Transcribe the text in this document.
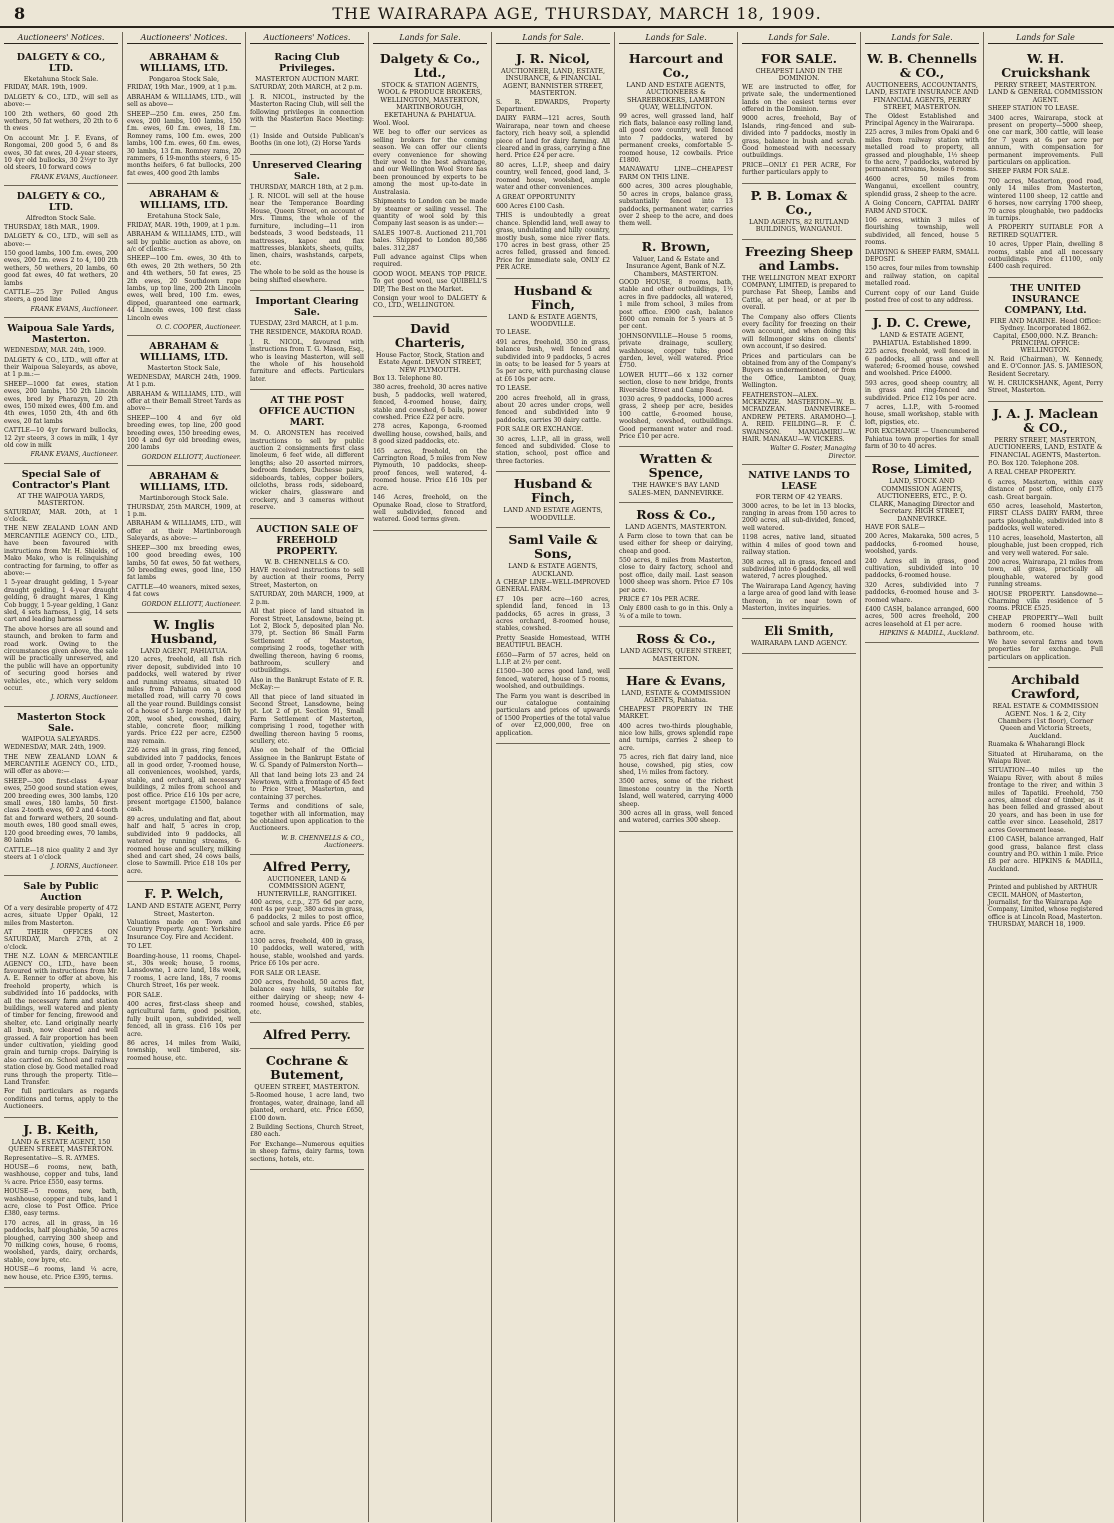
8	THE WAIRARAPA AGE, THURSDAY, MARCH 18, 1909.
Auctioneers' Notices.
DALGETY & CO., LTD.
Eketahuna Stock Sale.

FRIDAY, MAR. 19th, 1909.

DALGETY & CO., LTD., will sell as above:—

100 2th wethers, 60 good 2th wethers, 50 fat wethers, 20 2th to 6 th ewes

On account Mr. J. F. Evans, of Rongomai, 200 good 5, 6 and 8s ewes, 30 fat ewes, 20 4-year steers, 10 4yr old bullocks, 30 2½yr to 3yr old steers, 10 forward cows

FRANK EVANS, Auctioneer.
DALGETY & CO., LTD.
Alfredton Stock Sale.

THURSDAY, 18th MAR., 1909.

DALGETY & CO., LTD., will sell as above:—

150 good lambs, 100 f.m. ewes, 200 ewes, 200 f.m. ewes 2 to 4, 100 2th wethers, 50 wethers, 20 lambs, 60 good fat ewes, 40 fat wethers, 20 lambs

CATTLE—25 3yr Polled Angus steers, a good line

FRANK EVANS, Auctioneer.
Waipoua Sale Yards, Masterton.

WEDNESDAY, MAR. 24th, 1909.

DALGETY & CO., LTD., will offer at their Waipoua Saleyards, as above, at 1 p.m.:—

SHEEP—1000 fat ewes, station ewes, 200 lambs, 150 2th Lincoln ewes, bred by Pharazyn, 20 2th ewes, 150 mixed ewes, 400 f.m. and 4th ewes, 1050 2th, 4th and 6th ewes, 20 fat lambs

CATTLE—10 4yr forward bullocks, 12 2yr steers, 3 cows in milk, 1 4yr old cow in milk

FRANK EVANS, Auctioneer.
Special Sale of Contractor's Plant
AT THE WAIPOUA YARDS, MASTERTON.

SATURDAY, MAR. 20th, at 1 o'clock.

THE NEW ZEALAND LOAN AND MERCANTILE AGENCY CO., LTD., have been favoured with instructions from Mr. H. Shields, of Mako Mako, who is relinquishing contracting for farming, to offer as above:—

1 5-year draught gelding, 1 5-year draught gelding, 1 4-year draught gelding, 6 draught mares, 1 King Cob buggy, 1 5-year gelding, 1 Ganz sled, 4 sets harness, 1 gig, 14 sets cart and leading harness

The above horses are all sound and staunch, and broken to farm and road work. Owing to the circumstances given above, the sale will be practically unreserved, and the public will have an opportunity of securing good horses and vehicles, etc., which very seldom occur.

J. IORNS, Auctioneer.
Masterton Stock Sale.
WAIPOUA SALEYARDS.

WEDNESDAY, MAR. 24th, 1909.

THE NEW ZEALAND LOAN & MERCANTILE AGENCY CO., LTD., will offer as above:—

SHEEP—300 first-class 4-year ewes, 250 good sound station ewes, 200 breeding ewes, 300 lambs, 120 small ewes, 180 lambs, 50 first-class 2-tooth ewes, 60 2 and 4-tooth fat and forward wethers, 20 sound-mouth ewes, 180 good small ewes, 120 good breeding ewes, 70 lambs, 80 lambs

CATTLE—18 nice quality 2 and 3yr steers at 1 o'clock

J. IORNS, Auctioneer.
Sale by Public Auction

Of a very desirable property of 472 acres, situate Upper Opaki, 12 miles from Masterton.

AT THEIR OFFICES ON SATURDAY, March 27th, at 2 o'clock.

THE N.Z. LOAN & MERCANTILE AGENCY CO., LTD., have been favoured with instructions from Mr. A. E. Renner to offer at above, his freehold property, which is subdivided into 16 paddocks, with all the necessary farm and station buildings, well watered and plenty of timber for fencing, firewood and shelter, etc. Land originally nearly all bush, now cleared and well grassed. A fair proportion has been under cultivation, yielding good grain and turnip crops. Dairying is also carried on. School and railway station close by. Good metalled road runs through the property. Title—Land Transfer.

For full particulars as regards conditions and terms, apply to the Auctioneers.

J. B. Keith,
LAND & ESTATE AGENT, 150 QUEEN STREET, MASTERTON.

Representative—S. R. AYMES.

HOUSE—6 rooms, new, bath, washhouse, copper and tubs, land ¼ acre. Price £550, easy terms.

HOUSE—5 rooms, new, bath, washhouse, copper and tubs, land 1 acre, close to Post Office. Price £380, easy terms.

170 acres, all in grass, in 16 paddocks, half ploughable, 50 acres ploughed, carrying 300 sheep and 70 milking cows, house, 6 rooms, woolshed, yards, dairy, orchards, stable, cow byre, etc.

HOUSE—6 rooms, land ¼ acre, new house, etc. Price £395, terms.

Auctioneers' Notices.
ABRAHAM & WILLIAMS, LTD.
Pongaroa Stock Sale,

FRIDAY, 19th Mar., 1909, at 1 p.m.

ABRAHAM & WILLIAMS, LTD., will sell as above—

SHEEP—250 f.m. ewes, 250 f.m. ewes, 200 lambs, 100 lambs, 150 f.m. ewes, 60 f.m. ewes, 18 f.m. Romney rams, 100 f.m. ewes, 200 lambs, 100 f.m. ewes, 60 f.m. ewes, 30 lambs, 13 f.m. Romney rams, 20 rammers, 6 19-months steers, 6 15-months heifers, 6 fat bullocks, 200 fat ewes, 400 good 2th lambs

ABRAHAM & WILLIAMS, LTD.
Eretahuna Stock Sale,

FRIDAY, MAR. 19th, 1909, at 1 p.m.

ABRAHAM & WILLIAMS, LTD., will sell by public auction as above, on a/c of clients:—

SHEEP—100 f.m. ewes, 30 4th to 6th ewes, 20 2th wethers, 50 2th and 4th wethers, 50 fat ewes, 25 2th ewes, 20 Southdown rape lambs, up top line, 200 2th Lincoln ewes, well bred, 100 f.m. ewes, dipped, guaranteed one earmark, 44 Lincoln ewes, 100 first class Lincoln ewes

O. C. COOPER, Auctioneer.
ABRAHAM & WILLIAMS, LTD.
Masterton Stock Sale,

WEDNESDAY, MARCH 24th, 1909. At 1 p.m.

ABRAHAM & WILLIAMS, LTD., will offer at their Bemall Street Yards as above—

SHEEP—100 4 and 6yr old breeding ewes, top line, 200 good breeding ewes, 150 breeding ewes, 100 4 and 6yr old breeding ewes, 200 lambs

GORDON ELLIOTT, Auctioneer.
ABRAHAM & WILLIAMS, LTD.
Martinborough Stock Sale.

THURSDAY, 25th MARCH, 1909, at 1 p.m.

ABRAHAM & WILLIAMS, LTD., will offer at their Martinborough Saleyards, as above:—

SHEEP—300 mx breeding ewes, 100 good breeding ewes, 100 lambs, 50 fat ewes, 50 fat wethers, 50 breeding ewes, good line, 150 fat lambs

CATTLE—40 weaners, mixed sexes, 4 fat cows

GORDON ELLIOTT, Auctioneer.
W. Inglis Husband,
LAND AGENT, PAHIATUA.

120 acres, freehold, all fish rich river deposit, subdivided into 10 paddocks, well watered by river and running streams, situated 10 miles from Pahiatua on a good metalled road, will carry 70 cows all the year round. Buildings consist of a house of 5 large rooms, 16ft by 20ft, wool shed, cowshed, dairy, stable, concrete floor, milking yards. Price £22 per acre, £2500 may remain.

226 acres all in grass, ring fenced, subdivided into 7 paddocks, fences all in good order, 7-roomed house, all conveniences, woolshed, yards, stable, and orchard, all necessary buildings, 2 miles from school and post office. Price £16 10s per acre, present mortgage £1500, balance cash.

89 acres, undulating and flat, about half and half, 5 acres in crop, subdivided into 9 paddocks, all watered by running streams, 6-roomed house and scullery, milking shed and cart shed, 24 cows bails, close to Sawmill. Price £18 10s per acre.

F. P. Welch,
LAND AND ESTATE AGENT, Perry Street, Masterton.

Valuations made on Town and Country Property. Agent: Yorkshire Insurance Coy. Fire and Accident.

TO LET.

Boarding-house, 11 rooms, Chapel-st., 30s week; house, 5 rooms, Lansdowne, 1 acre land, 18s week, 7 rooms, 1 acre land, 18s, 7 rooms Church Street, 16s per week.

FOR SALE.

400 acres, first-class sheep and agricultural farm, good position, fully built upon, subdivided, well fenced, all in grass. £16 10s per acre.

86 acres, 14 miles from Waiki, township, well timbered, six-roomed house, etc.

Auctioneers' Notices.
Racing Club Privileges.
MASTERTON AUCTION MART.

SATURDAY, 20th MARCH, at 2 p.m.

J. R. NICOL, instructed by the Masterton Racing Club, will sell the following privileges in connection with the Masterton Race Meeting:—

(1) Inside and Outside Publican's Booths (in one lot), (2) Horse Yards

Unreserved Clearing Sale.

THURSDAY, MARCH 18th, at 2 p.m.

J. R. NICOL will sell at the house near the Temperance Boarding House, Queen Street, on account of Mrs. Timms, the whole of the furniture, including—11 iron bedsteads, 3 wood bedsteads, 11 mattresses, kapoc and flax mattresses, blankets, sheets, quilts, linen, chairs, washstands, carpets, etc.

The whole to be sold as the house is being shifted elsewhere.

Important Clearing Sale.

TUESDAY, 23rd MARCH, at 1 p.m.

THE RESIDENCE, MAKORA ROAD.

J. R. NICOL, favoured with instructions from T. G. Mason, Esq., who is leaving Masterton, will sell the whole of his household furniture and effects. Particulars later.

AT THE POST OFFICE AUCTION MART.

M. O. ARONSTEN has received instructions to sell by public auction 2 consignments first class linoleum, 6 feet wide, all different lengths; also 20 assorted mirrors, bedroom fenders, Duchesse pairs, sideboards, tables, copper boilers, oilcloths, brass rods, sideboard, wicker chairs, glassware and crockery, and 3 cameras without reserve.

AUCTION SALE OF FREEHOLD PROPERTY.
W. B. CHENNELLS & CO.

HAVE received instructions to sell by auction at their rooms, Perry Street, Masterton, on

SATURDAY, 20th MARCH, 1909, at 2 p.m.

All that piece of land situated in Forest Street, Lansdowne, being pt. Lot 2, Block 5, deposited plan No. 379, pt. Section 86 Small Farm Settlement of Masterton, comprising 2 roods, together with dwelling thereon, having 6 rooms, bathroom, scullery and outbuildings.

Also in the Bankrupt Estate of F. R. McKay:—

All that piece of land situated in Second Street, Lansdowne, being pt. Lot 2 of pt. Section 91, Small Farm Settlement of Masterton, comprising 1 rood, together with dwelling thereon having 5 rooms, scullery, etc.

Also on behalf of the Official Assignee in the Bankrupt Estate of W. G. Spandy of Palmerston North—

All that land being lots 23 and 24 Newtown, with a frontage of 45 feet to Price Street, Masterton, and containing 37 perches.

Terms and conditions of sale, together with all information, may be obtained upon application to the Auctioneers.

W. B. CHENNELLS & CO., Auctioneers.
Alfred Perry,
AUCTIONEER, LAND & COMMISSION AGENT, HUNTERVILLE, RANGITIKEI.

400 acres, c.r.p., 275 6d per acre, rent 4s per year, 380 acres in grass, 6 paddocks, 2 miles to post office, school and sale yards. Price £6 per acre.

1300 acres, freehold, 400 in grass, 10 paddocks, well watered, with house, stable, woolshed and yards. Price £6 10s per acre.

FOR SALE OR LEASE.

200 acres, freehold, 50 acres flat, balance easy hills, suitable for either dairying or sheep; new 4-roomed house, cowshed, stables, etc.

Alfred Perry.
Cochrane & Butement,
QUEEN STREET, MASTERTON.

5-Roomed house, 1 acre land, two frontages, water, drainage, land all planted, orchard, etc. Price £650, £100 down.

2 Building Sections, Church Street, £80 each.

For Exchange—Numerous equities in sheep farms, dairy farms, town sections, hotels, etc.

Lands for Sale.
Dalgety & Co., Ltd.,
STOCK & STATION AGENTS, WOOL & PRODUCE BROKERS, WELLINGTON, MASTERTON, MARTINBOROUGH, EKETAHUNA & PAHIATUA.

Wool. Wool.

WE beg to offer our services as selling brokers for the coming season. We can offer our clients every convenience for showing their wool to the best advantage, and our Wellington Wool Store has been pronounced by experts to be among the most up-to-date in Australasia.

Shipments to London can be made by steamer or sailing vessel. The quantity of wool sold by this Company last season is as under:—

SALES 1907-8. Auctioned 211,701 bales. Shipped to London 80,586 bales. 312,287

Full advance against Clips when required.

GOOD WOOL MEANS TOP PRICE. To get good wool, use QUIBELL'S DIP, The Best on the Market.

Consign your wool to DALGETY & CO., LTD., WELLINGTON.

David Charteris,
House Factor, Stock, Station and Estate Agent. DEVON STREET, NEW PLYMOUTH.

Box 13. Telephone 80.

380 acres, freehold, 30 acres native bush, 5 paddocks, well watered, fenced, 4-roomed house, dairy, stable and cowshed, 6 bails, power cowshed. Price £22 per acre.

278 acres, Kaponga, 6-roomed dwelling house, cowshed, bails, and 8 good sized paddocks, etc.

165 acres, freehold, on the Carrington Road, 5 miles from New Plymouth, 10 paddocks, sheep-proof fences, well watered, 4-roomed house. Price £16 10s per acre.

146 Acres, freehold, on the Opunake Road, close to Stratford, well subdivided, fenced and watered. Good terms given.

Lands for Sale.
J. R. Nicol,
AUCTIONEER, LAND, ESTATE, INSURANCE, & FINANCIAL AGENT, BANNISTER STREET, MASTERTON.

S. R. EDWARDS, Property Department.

DAIRY FARM—121 acres, South Wairarapa, near town and cheese factory, rich heavy soil, a splendid piece of land for dairy farming. All cleared and in grass, carrying a fine herd. Price £24 per acre.

80 acres, L.I.P., sheep and dairy country, well fenced, good land, 3-roomed house, woolshed, ample water and other conveniences.

A GREAT OPPORTUNITY

600 Acres £100 Cash.

THIS is undoubtedly a great chance. Splendid land, well away to grass, undulating and hilly country, mostly bush, some nice river flats. 170 acres in best grass, other 25 acres felled, grassed and fenced. Price for immediate sale, ONLY £2 PER ACRE.

Husband & Finch,
LAND & ESTATE AGENTS, WOODVILLE.

TO LEASE.

491 acres, freehold, 350 in grass, balance bush, well fenced and subdivided into 9 paddocks, 5 acres in oats; to be leased for 5 years at 5s per acre, with purchasing clause at £6 10s per acre.

TO LEASE.

200 acres freehold, all in grass, about 20 acres under crops, well fenced and subdivided into 9 paddocks, carries 30 dairy cattle.

FOR SALE OR EXCHANGE.

30 acres, L.I.P., all in grass, well fenced and subdivided. Close to station, school, post office and three factories.

Husband & Finch,
LAND AND ESTATE AGENTS, WOODVILLE.
Saml Vaile & Sons,
LAND & ESTATE AGENTS, AUCKLAND.

A CHEAP LINE—WELL-IMPROVED GENERAL FARM.

£7 10s per acre—160 acres, splendid land, fenced in 13 paddocks, 65 acres in grass, 3 acres orchard, 8-roomed house, stables, cowshed.

Pretty Seaside Homestead, WITH BEAUTIFUL BEACH.

£650—Farm of 57 acres, held on L.I.P. at 2½ per cent.

£1500—300 acres good land, well fenced, watered, house of 5 rooms, woolshed, and outbuildings.

The Farm you want is described in our catalogue containing particulars and prices of upwards of 1500 Properties of the total value of over £2,000,000, free on application.

Lands for Sale.
Harcourt and Co.,
LAND AND ESTATE AGENTS, AUCTIONEERS & SHAREBROKERS, LAMBTON QUAY, WELLINGTON.

99 acres, well grassed land, half rich flats, balance easy rolling land, all good cow country, well fenced into 7 paddocks, watered by permanent creeks, comfortable 5-roomed house, 12 cowbails. Price £1800.

MANAWATU LINE—CHEAPEST FARM ON THIS LINE.

600 acres, 300 acres ploughable, 50 acres in crops, balance grass, substantially fenced into 13 paddocks, permanent water, carries over 2 sheep to the acre, and does them well.

R. Brown,
Valuer, Land & Estate and Insurance Agent, Bank of N.Z. Chambers, MASTERTON.

GOOD HOUSE, 8 rooms, bath, stable and other outbuildings, 1⅓ acres in five paddocks, all watered, 1 mile from school, 3 miles from post office. £900 cash, balance £600 can remain for 5 years at 5 per cent.

JOHNSONVILLE—House 5 rooms, private drainage, scullery, washhouse, copper tubs; good garden, level, well watered. Price £750.

LOWER HUTT—66 x 132 corner section, close to new bridge, fronts Riverside Street and Camp Road.

1030 acres, 9 paddocks, 1000 acres grass, 2 sheep per acre, besides 100 cattle, 6-roomed house, woolshed, cowshed, outbuildings. Good permanent water and road. Price £10 per acre.

Wratten & Spence,
THE HAWKE'S BAY LAND SALES-MEN, DANNEVIRKE.
Ross & Co.,
LAND AGENTS, MASTERTON.

A Farm close to town that can be used either for sheep or dairying, cheap and good.

550 acres, 8 miles from Masterton, close to dairy factory, school and post office, daily mail. Last season 1000 sheep was shorn. Price £7 10s per acre.

PRICE £7 10s PER ACRE.

Only £800 cash to go in this. Only a ¾ of a mile to town.

Ross & Co.,
LAND AGENTS, QUEEN STREET, MASTERTON.
Hare & Evans,
LAND, ESTATE & COMMISSION AGENTS, Pahiatua.

CHEAPEST PROPERTY IN THE MARKET.

400 acres two-thirds ploughable, nice low hills, grows splendid rape and turnips, carries 2 sheep to acre.

75 acres, rich flat dairy land, nice house, cowshed, pig sties, cow shed, 1½ miles from factory.

3500 acres, some of the richest limestone country in the North Island, well watered, carrying 4000 sheep.

300 acres all in grass, well fenced and watered, carries 300 sheep.

Lands for Sale.
FOR SALE.
CHEAPEST LAND IN THE DOMINION.

WE are instructed to offer, for private sale, the undermentioned lands on the easiest terms ever offered in the Dominion.

9000 acres, freehold, Bay of Islands, ring-fenced and sub-divided into 7 paddocks, mostly in grass, balance in bush and scrub. Good homestead with necessary outbuildings.

PRICE—ONLY £1 PER ACRE, For further particulars apply to

P. B. Lomax & Co.,
LAND AGENTS, 82 RUTLAND BUILDINGS, WANGANUI.
Freezing Sheep and Lambs.

THE WELLINGTON MEAT EXPORT COMPANY, LIMITED, is prepared to purchase Fat Sheep, Lambs and Cattle, at per head, or at per lb overall.

The Company also offers Clients every facility for freezing on their own account, and when doing this will fellmonger skins on clients' own account, if so desired.

Prices and particulars can be obtained from any of the Company's Buyers as undermentioned, or from the Office, Lambton Quay, Wellington.

FEATHERSTON—ALEX. MCKENZIE. MASTERTON—W. B. MCFADZEAN. DANNEVIRKE—ANDREW PETERS. ARAMOHO—J. A. REID. FEILDING—R. F. C. SWAINSON. MANGAMIRU—W. HAIR. MANAKAU—W. VICKERS.

Walter G. Foster, Managing Director.
NATIVE LANDS TO LEASE
FOR TERM OF 42 YEARS.

3000 acres, to be let in 13 blocks, ranging in areas from 150 acres to 2000 acres, all sub-divided, fenced, well watered.

1198 acres, native land, situated within 4 miles of good town and railway station.

308 acres, all in grass, fenced and subdivided into 6 paddocks, all well watered, 7 acres ploughed.

The Wairarapa Land Agency, having a large area of good land with lease thereon, in or near town of Masterton, invites inquiries.

Eli Smith,
WAIRARAPA LAND AGENCY.
Lands for Sale.
W. B. Chennells & CO.,
AUCTIONEERS, ACCOUNTANTS, LAND, ESTATE INSURANCE AND FINANCIAL AGENTS, PERRY STREET, MASTERTON.

The Oldest Established and Principal Agency in the Wairarapa.

225 acres, 3 miles from Opaki and 6 miles from railway station with metalled road to property, all grassed and ploughable, 1½ sheep to the acre, 7 paddocks, watered by permanent streams, house 6 rooms.

4600 acres, 50 miles from Wanganui, excellent country, splendid grass, 2 sheep to the acre.

A Going Concern, CAPITAL DAIRY FARM AND STOCK.

106 acres, within 3 miles of flourishing township, well subdivided, all fenced, house 5 rooms.

DAIRYING & SHEEP FARM, SMALL DEPOSIT.

150 acres, four miles from township and railway station, on capital metalled road.

Current copy of our Land Guide posted free of cost to any address.

J. D. C. Crewe,
LAND & ESTATE AGENT, PAHIATUA. Established 1899.

225 acres, freehold, well fenced in 6 paddocks, all grass and well watered; 6-roomed house, cowshed and woolshed. Price £4000.

593 acres, good sheep country, all in grass and ring-fenced and subdivided. Price £12 10s per acre.

7 acres, L.I.P., with 5-roomed house, small workshop, stable with loft, pigsties, etc.

FOR EXCHANGE — Unencumbered Pahiatua town properties for small farm of 30 to 40 acres.

Rose, Limited,
LAND, STOCK AND COMMISSION AGENTS, AUCTIONEERS, ETC., P. O. CLARK, Managing Director and Secretary. HIGH STREET, DANNEVIRKE.

HAVE FOR SALE—

200 Acres, Makaraka, 500 acres, 5 paddocks, 6-roomed house, woolshed, yards.

240 Acres all in grass, good cultivation, subdivided into 10 paddocks, 6-roomed house.

320 Acres, subdivided into 7 paddocks, 6-roomed house and 3-roomed whare.

£400 CASH, balance arranged, 600 acres, 500 acres freehold, 200 acres leasehold at £1 per acre.

HIPKINS & MADILL, Auckland.
Lands for Sale
W. H. Cruickshank
PERRY STREET, MASTERTON. LAND & GENERAL COMMISSION AGENT.

SHEEP STATION TO LEASE.

3400 acres, Wairarapa, stock at present on property—5000 sheep, one car mark, 300 cattle, will lease for 7 years at 6s per acre per annum, with compensation for permanent improvements. Full particulars on application.

SHEEP FARM FOR SALE.

700 acres, Masterton, good road, only 14 miles from Masterton, wintered 1100 sheep, 12 cattle and 6 horses, now carrying 1700 sheep, 70 acres ploughable, two paddocks in turnips.

A PROPERTY SUITABLE FOR A RETIRED SQUATTER.

10 acres, Upper Plain, dwelling 8 rooms, stable and all necessary outbuildings. Price £1100, only £400 cash required.

THE UNITED INSURANCE COMPANY, Ltd.
FIRE AND MARINE. Head Office: Sydney. Incorporated 1862. Capital, £500,000. N.Z. Branch: PRINCIPAL OFFICE: WELLINGTON.

N. Reid (Chairman), W. Kennedy, and E. O'Connor. JAS. S. JAMIESON, Resident Secretary.

W. H. CRUICKSHANK, Agent, Perry Street, Masterton.

J. A. J. Maclean & CO.,
PERRY STREET, MASTERTON, AUCTIONEERS, LAND, ESTATE & FINANCIAL AGENTS, Masterton.

P.O. Box 120. Telephone 208.

A REAL CHEAP PROPERTY.

6 acres, Masterton, within easy distance of post office, only £175 cash. Great bargain.

650 acres, leasehold, Masterton, FIRST CLASS DAIRY FARM, three parts ploughable, subdivided into 8 paddocks, well watered.

110 acres, leasehold, Masterton, all ploughable, just been cropped, rich and very well watered. For sale.

200 acres, Wairarapa, 21 miles from town, all grass, practically all ploughable, watered by good running streams.

HOUSE PROPERTY. Lansdowne—Charming villa residence of 5 rooms. PRICE £525.

CHEAP PROPERTY—Well built modern 6 roomed house with bathroom, etc.

We have several farms and town properties for exchange. Full particulars on application.

Archibald Crawford,
REAL ESTATE & COMMISSION AGENT. Nos. 1 & 2, City Chambers (1st floor), Corner Queen and Victoria Streets, Auckland.

Ruamaka & Whaharangi Block

Situated at Hiruharama, on the Waiapu River.

SITUATION—40 miles up the Waiapu River, with about 8 miles frontage to the river, and within 3 miles of Tapatiki. Freehold, 750 acres, almost clear of timber, as it has been felled and grassed about 20 years, and has been in use for cattle ever since. Leasehold, 2817 acres Government lease.

£100 CASH, balance arranged, Half good grass, balance first class country and P.O. within 1 mile. Price £8 per acre. HIPKINS & MADILL, Auckland.

Printed and published by ARTHUR CECIL MAHON, of Masterton, Journalist, for the Wairarapa Age Company, Limited, whose registered office is at Lincoln Road, Masterton. THURSDAY, MARCH 18, 1909.
